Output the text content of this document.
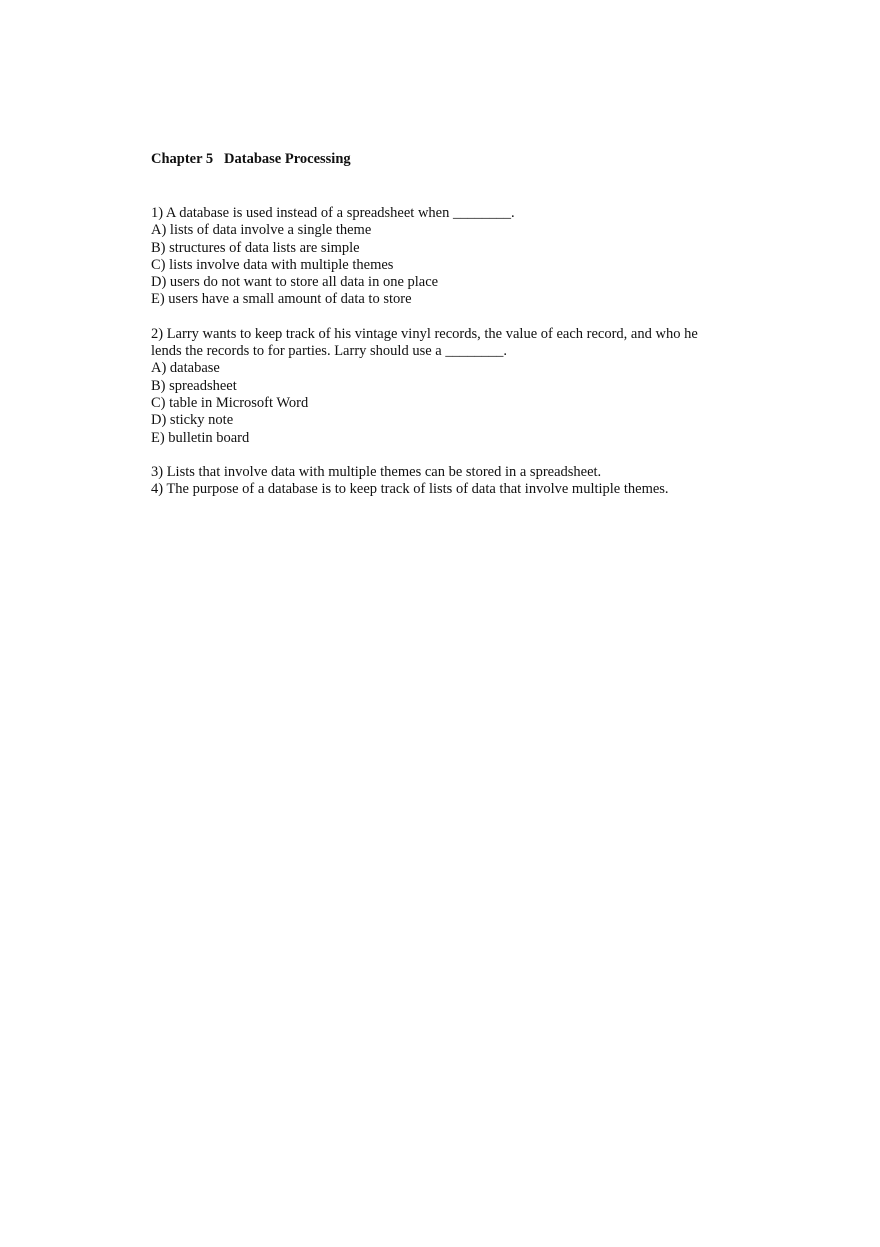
Chapter 5   Database Processing

1) A database is used instead of a spreadsheet when ________.

A) lists of data involve a single theme
B) structures of data lists are simple
C) lists involve data with multiple themes
D) users do not want to store all data in one place
E) users have a small amount of data to store

2) Larry wants to keep track of his vintage vinyl records, the value of each record, and who he lends the records to for parties. Larry should use a ________.

A) database
B) spreadsheet
C) table in Microsoft Word
D) sticky note
E) bulletin board

3) Lists that involve data with multiple themes can be stored in a spreadsheet.

4) The purpose of a database is to keep track of lists of data that involve multiple themes.
